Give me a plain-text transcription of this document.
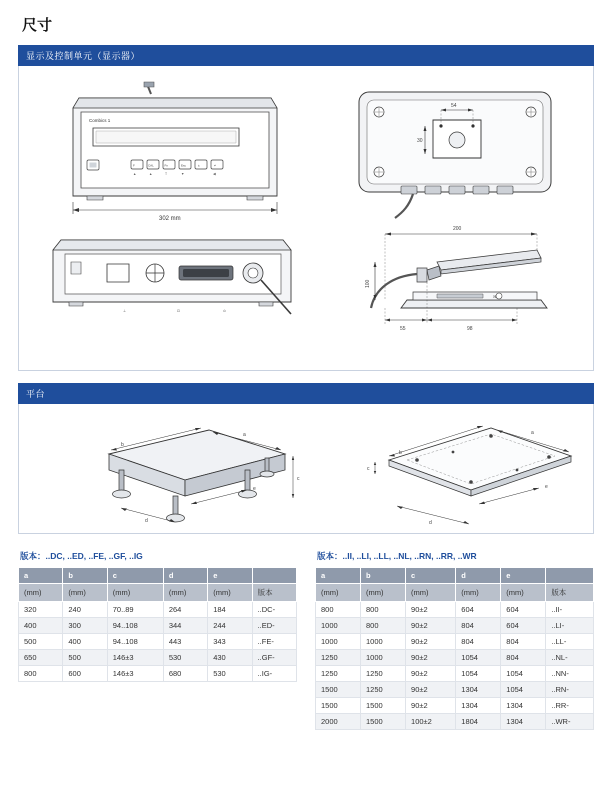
尺寸
显示及控制单元（显示器）
Combics 1
F	CAL	Fn	Esc	±	↵
▲	▲	T	▼	◀
302 mm
54
30
⊥	⊡	⊙
200
ℍ
100
55	98
平台
a
b
c
d
e
a
b
c
d
e
版本：..DC, ..ED, ..FE, ..GF, ..IG
a	b	c	d	e	
(mm)	(mm)	(mm)	(mm)	(mm)	版本
320	240	70..89	264	184	..DC-
400	300	94..108	344	244	..ED-
500	400	94..108	443	343	..FE-
650	500	146±3	530	430	..GF-
800	600	146±3	680	530	..IG-
版本：..II, ..LI, ..LL, ..NL, ..RN, ..RR, ..WR
a	b	c	d	e	
(mm)	(mm)	(mm)	(mm)	(mm)	版本
800	800	90±2	604	604	..II-
1000	800	90±2	804	604	..LI-
1000	1000	90±2	804	804	..LL-
1250	1000	90±2	1054	804	..NL-
1250	1250	90±2	1054	1054	..NN-
1500	1250	90±2	1304	1054	..RN-
1500	1500	90±2	1304	1304	..RR-
2000	1500	100±2	1804	1304	..WR-
